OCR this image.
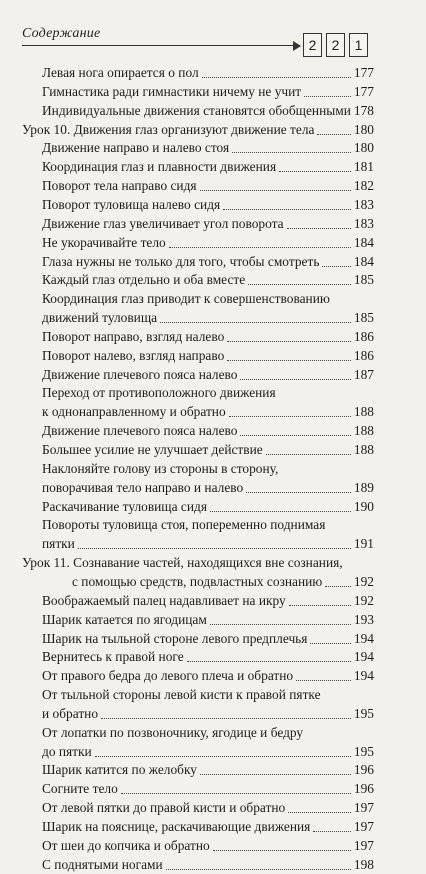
Содержание
2	2	1
Левая нога опирается о пол	177
Гимнастика ради гимнастики ничему не учит	177
Индивидуальные движения становятся обобщенными 178
Урок 10. Движения глаз организуют движение тела	180
Движение направо и налево стоя	180
Координация глаз и плавности движения	181
Поворот тела направо сидя	182
Поворот туловища налево сидя	183
Движение глаз увеличивает угол поворота	183
Не укорачивайте тело	184
Глаза нужны не только для того, чтобы смотреть	184
Каждый глаз отдельно и оба вместе	185
Координация глаз приводит к совершенствованию
движений туловища	185
Поворот направо, взгляд налево	186
Поворот налево, взгляд направо	186
Движение плечевого пояса налево	187
Переход от противоположного движения
к однонаправленному и обратно	188
Движение плечевого пояса налево	188
Большее усилие не улучшает действие	188
Наклоняйте голову из стороны в сторону,
поворачивая тело направо и налево	189
Раскачивание туловища сидя	190
Повороты туловища стоя, попеременно поднимая
пятки	191
Урок 11. Сознавание частей, находящихся вне сознания,
с помощью средств, подвластных сознанию 192
Воображаемый палец надавливает на икру	192
Шарик катается по ягодицам	193
Шарик на тыльной стороне левого предплечья	194
Вернитесь к правой ноге	194
От правого бедра до левого плеча и обратно	194
От тыльной стороны левой кисти к правой пятке
и обратно	195
От лопатки по позвоночнику, ягодице и бедру
до пятки	195
Шарик катится по желобку	196
Согните тело	196
От левой пятки до правой кисти и обратно	197
Шарик на пояснице, раскачивающие движения	197
От шеи до копчика и обратно	197
С поднятыми ногами	198
